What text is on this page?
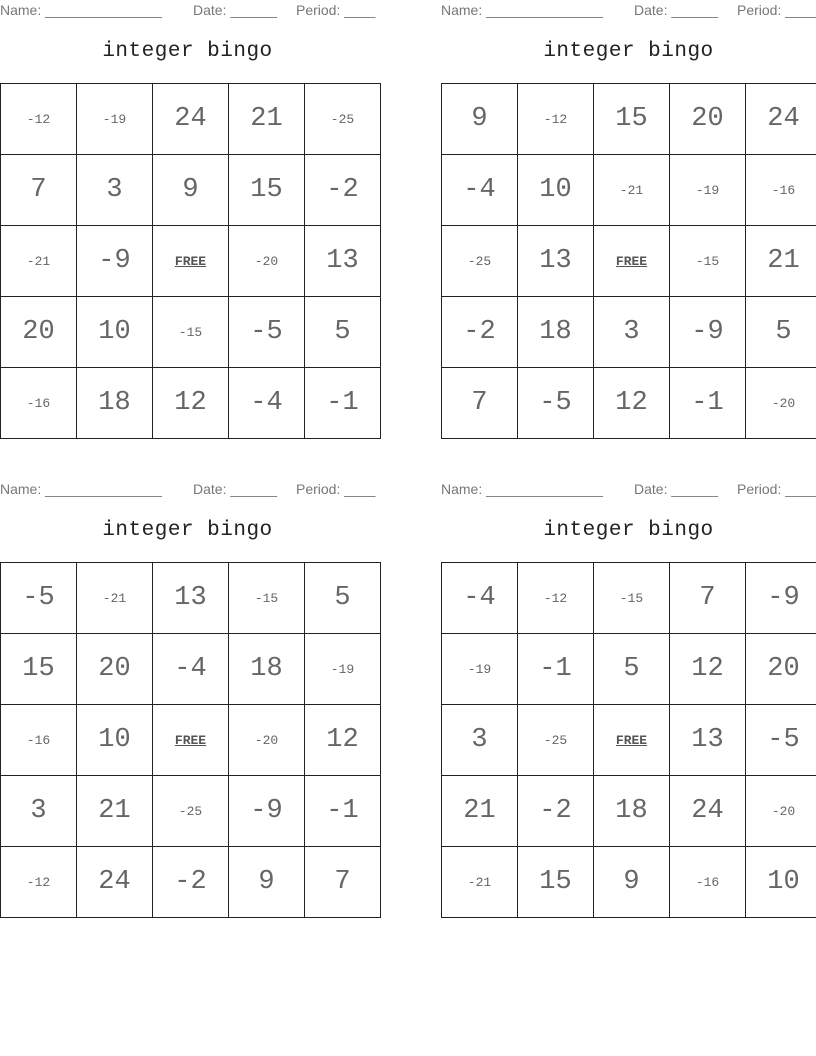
Name: _______________ Date: ______ Period: ____
integer bingo
-12	-19	24	21	-25
7	3	9	15	-2
-21	-9	FREE	-20	13
20	10	-15	-5	5
-16	18	12	-4	-1
Name: _______________ Date: ______ Period: ____
integer bingo
9	-12	15	20	24
-4	10	-21	-19	-16
-25	13	FREE	-15	21
-2	18	3	-9	5
7	-5	12	-1	-20
Name: _______________ Date: ______ Period: ____
integer bingo
-5	-21	13	-15	5
15	20	-4	18	-19
-16	10	FREE	-20	12
3	21	-25	-9	-1
-12	24	-2	9	7
Name: _______________ Date: ______ Period: ____
integer bingo
-4	-12	-15	7	-9
-19	-1	5	12	20
3	-25	FREE	13	-5
21	-2	18	24	-20
-21	15	9	-16	10
